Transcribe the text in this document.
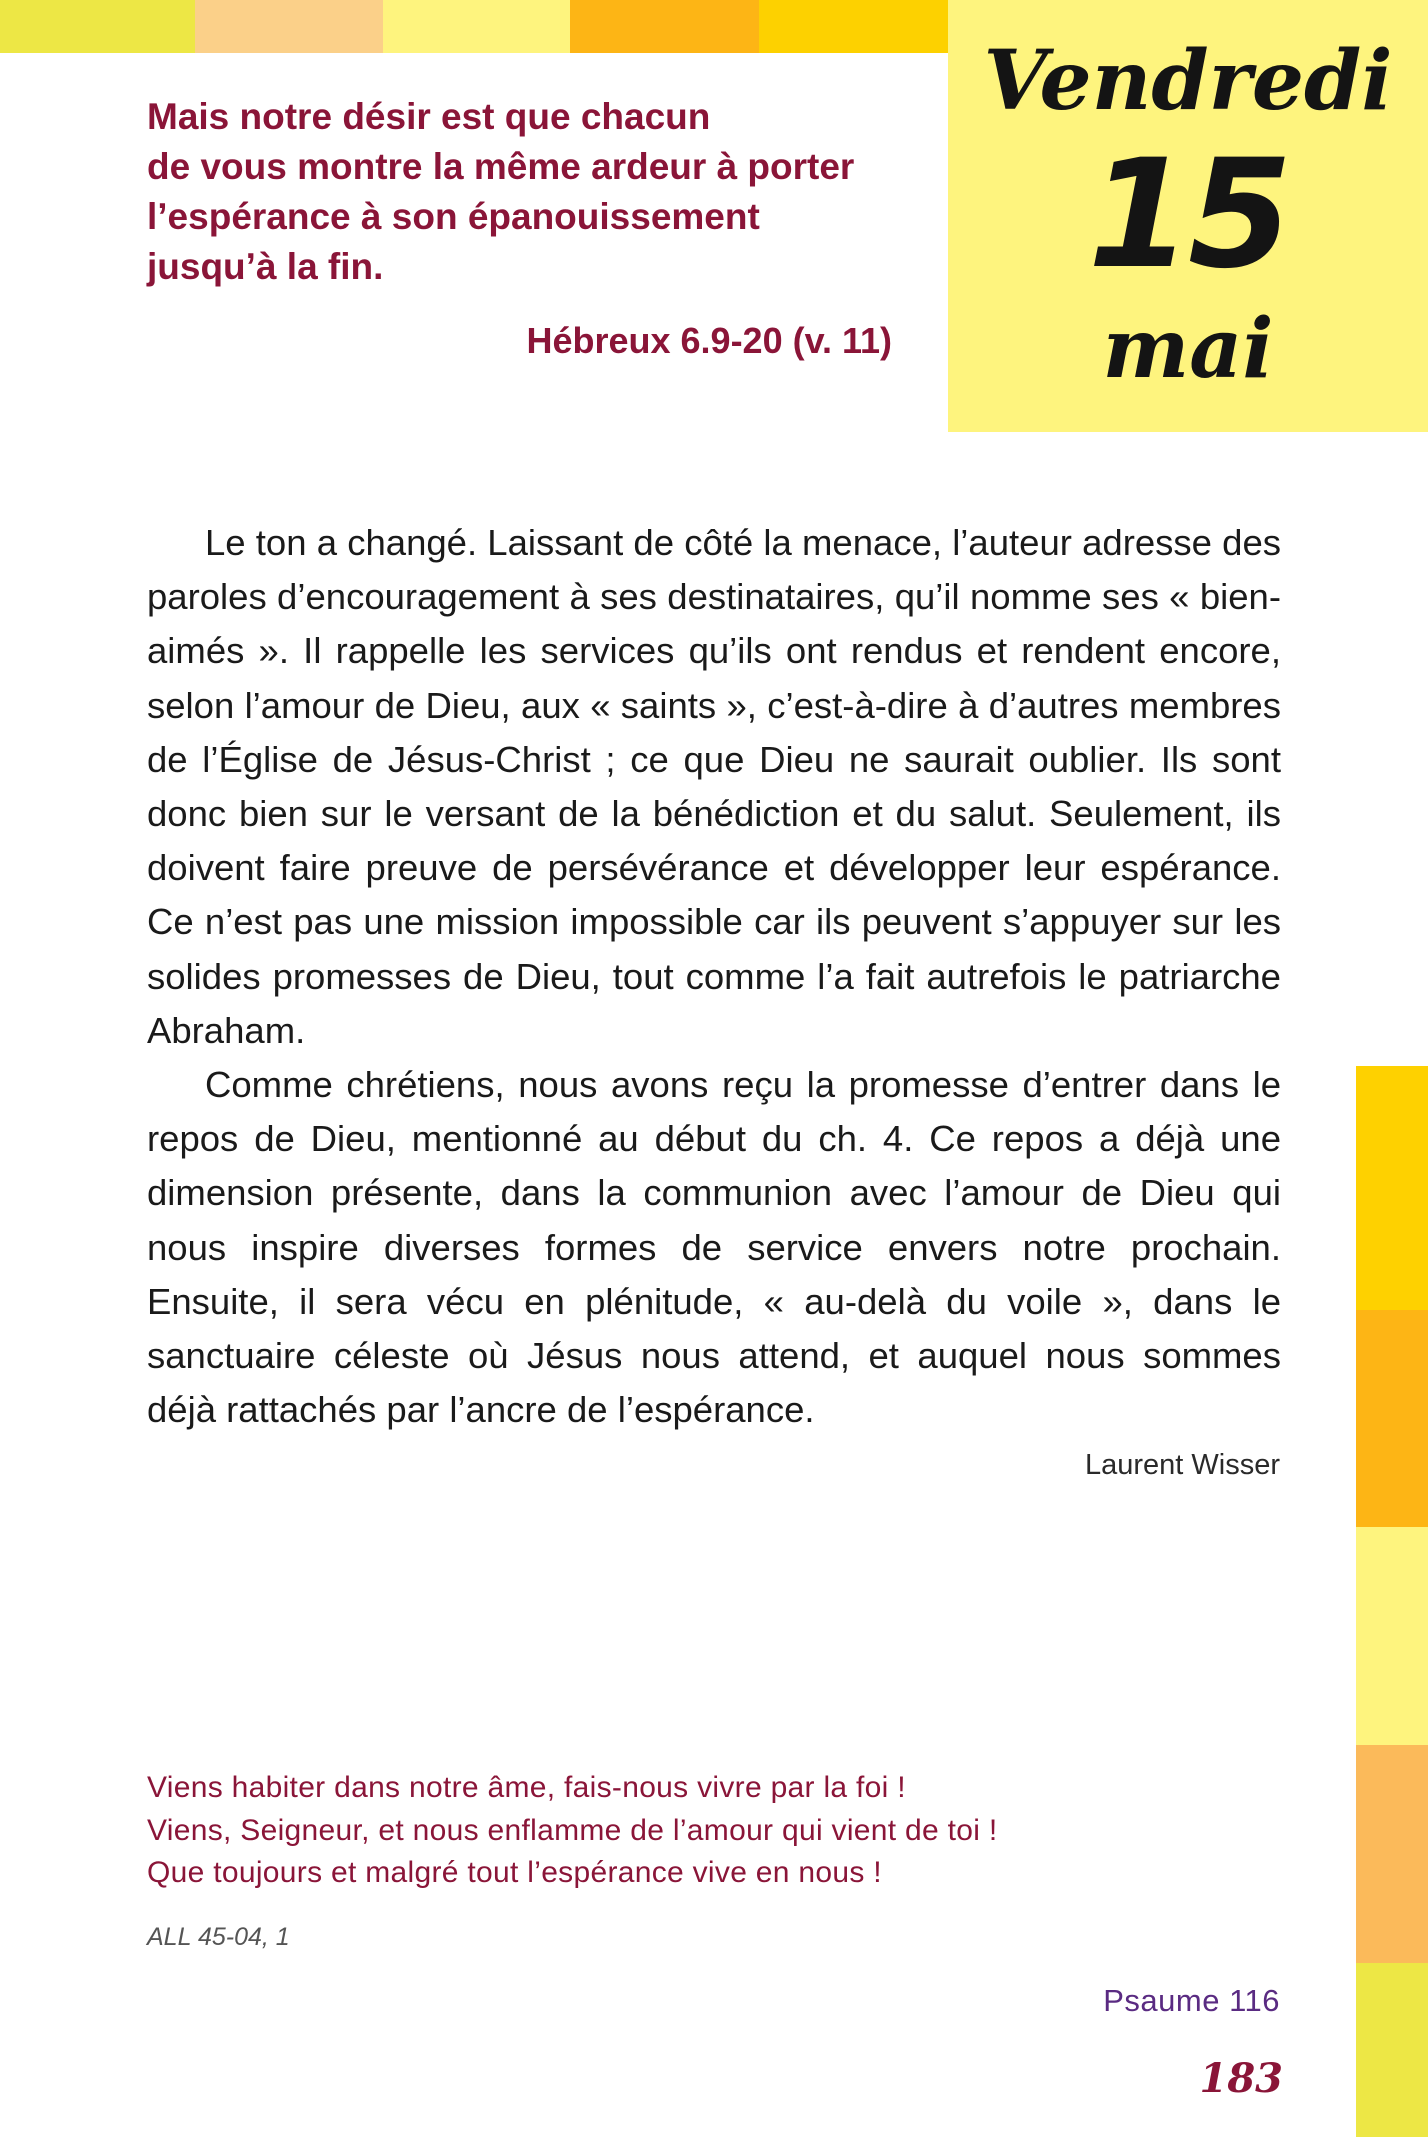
Vendredi
15
mai
Mais notre désir est que chacun
de vous montre la même ardeur à porter
l’espérance à son épanouissement
jusqu’à la fin.
Hébreux 6.9-20 (v. 11)

Le ton a changé. Laissant de côté la menace, l’auteur adresse des paroles d’encouragement à ses destinataires, qu’il nomme ses « bien-aimés ». Il rappelle les services qu’ils ont rendus et rendent encore, selon l’amour de Dieu, aux « saints », c’est-à-dire à d’autres membres de l’Église de Jésus-Christ ; ce que Dieu ne saurait oublier. Ils sont donc bien sur le versant de la bénédiction et du salut. Seulement, ils doivent faire preuve de persévérance et développer leur espérance. Ce n’est pas une mission impossible car ils peuvent s’appuyer sur les solides promesses de Dieu, tout comme l’a fait autrefois le patriarche Abraham.

Comme chrétiens, nous avons reçu la promesse d’entrer dans le repos de Dieu, mentionné au début du ch. 4. Ce repos a déjà une dimension présente, dans la communion avec l’amour de Dieu qui nous inspire diverses formes de service envers notre prochain. Ensuite, il sera vécu en plénitude, « au-delà du voile », dans le sanctuaire céleste où Jésus nous attend, et auquel nous sommes déjà rattachés par l’ancre de l’espérance.

Laurent Wisser
Viens habiter dans notre âme, fais-nous vivre par la foi !
Viens, Seigneur, et nous enflamme de l’amour qui vient de toi !
Que toujours et malgré tout l’espérance vive en nous !
ALL 45-04, 1
Psaume 116
183
